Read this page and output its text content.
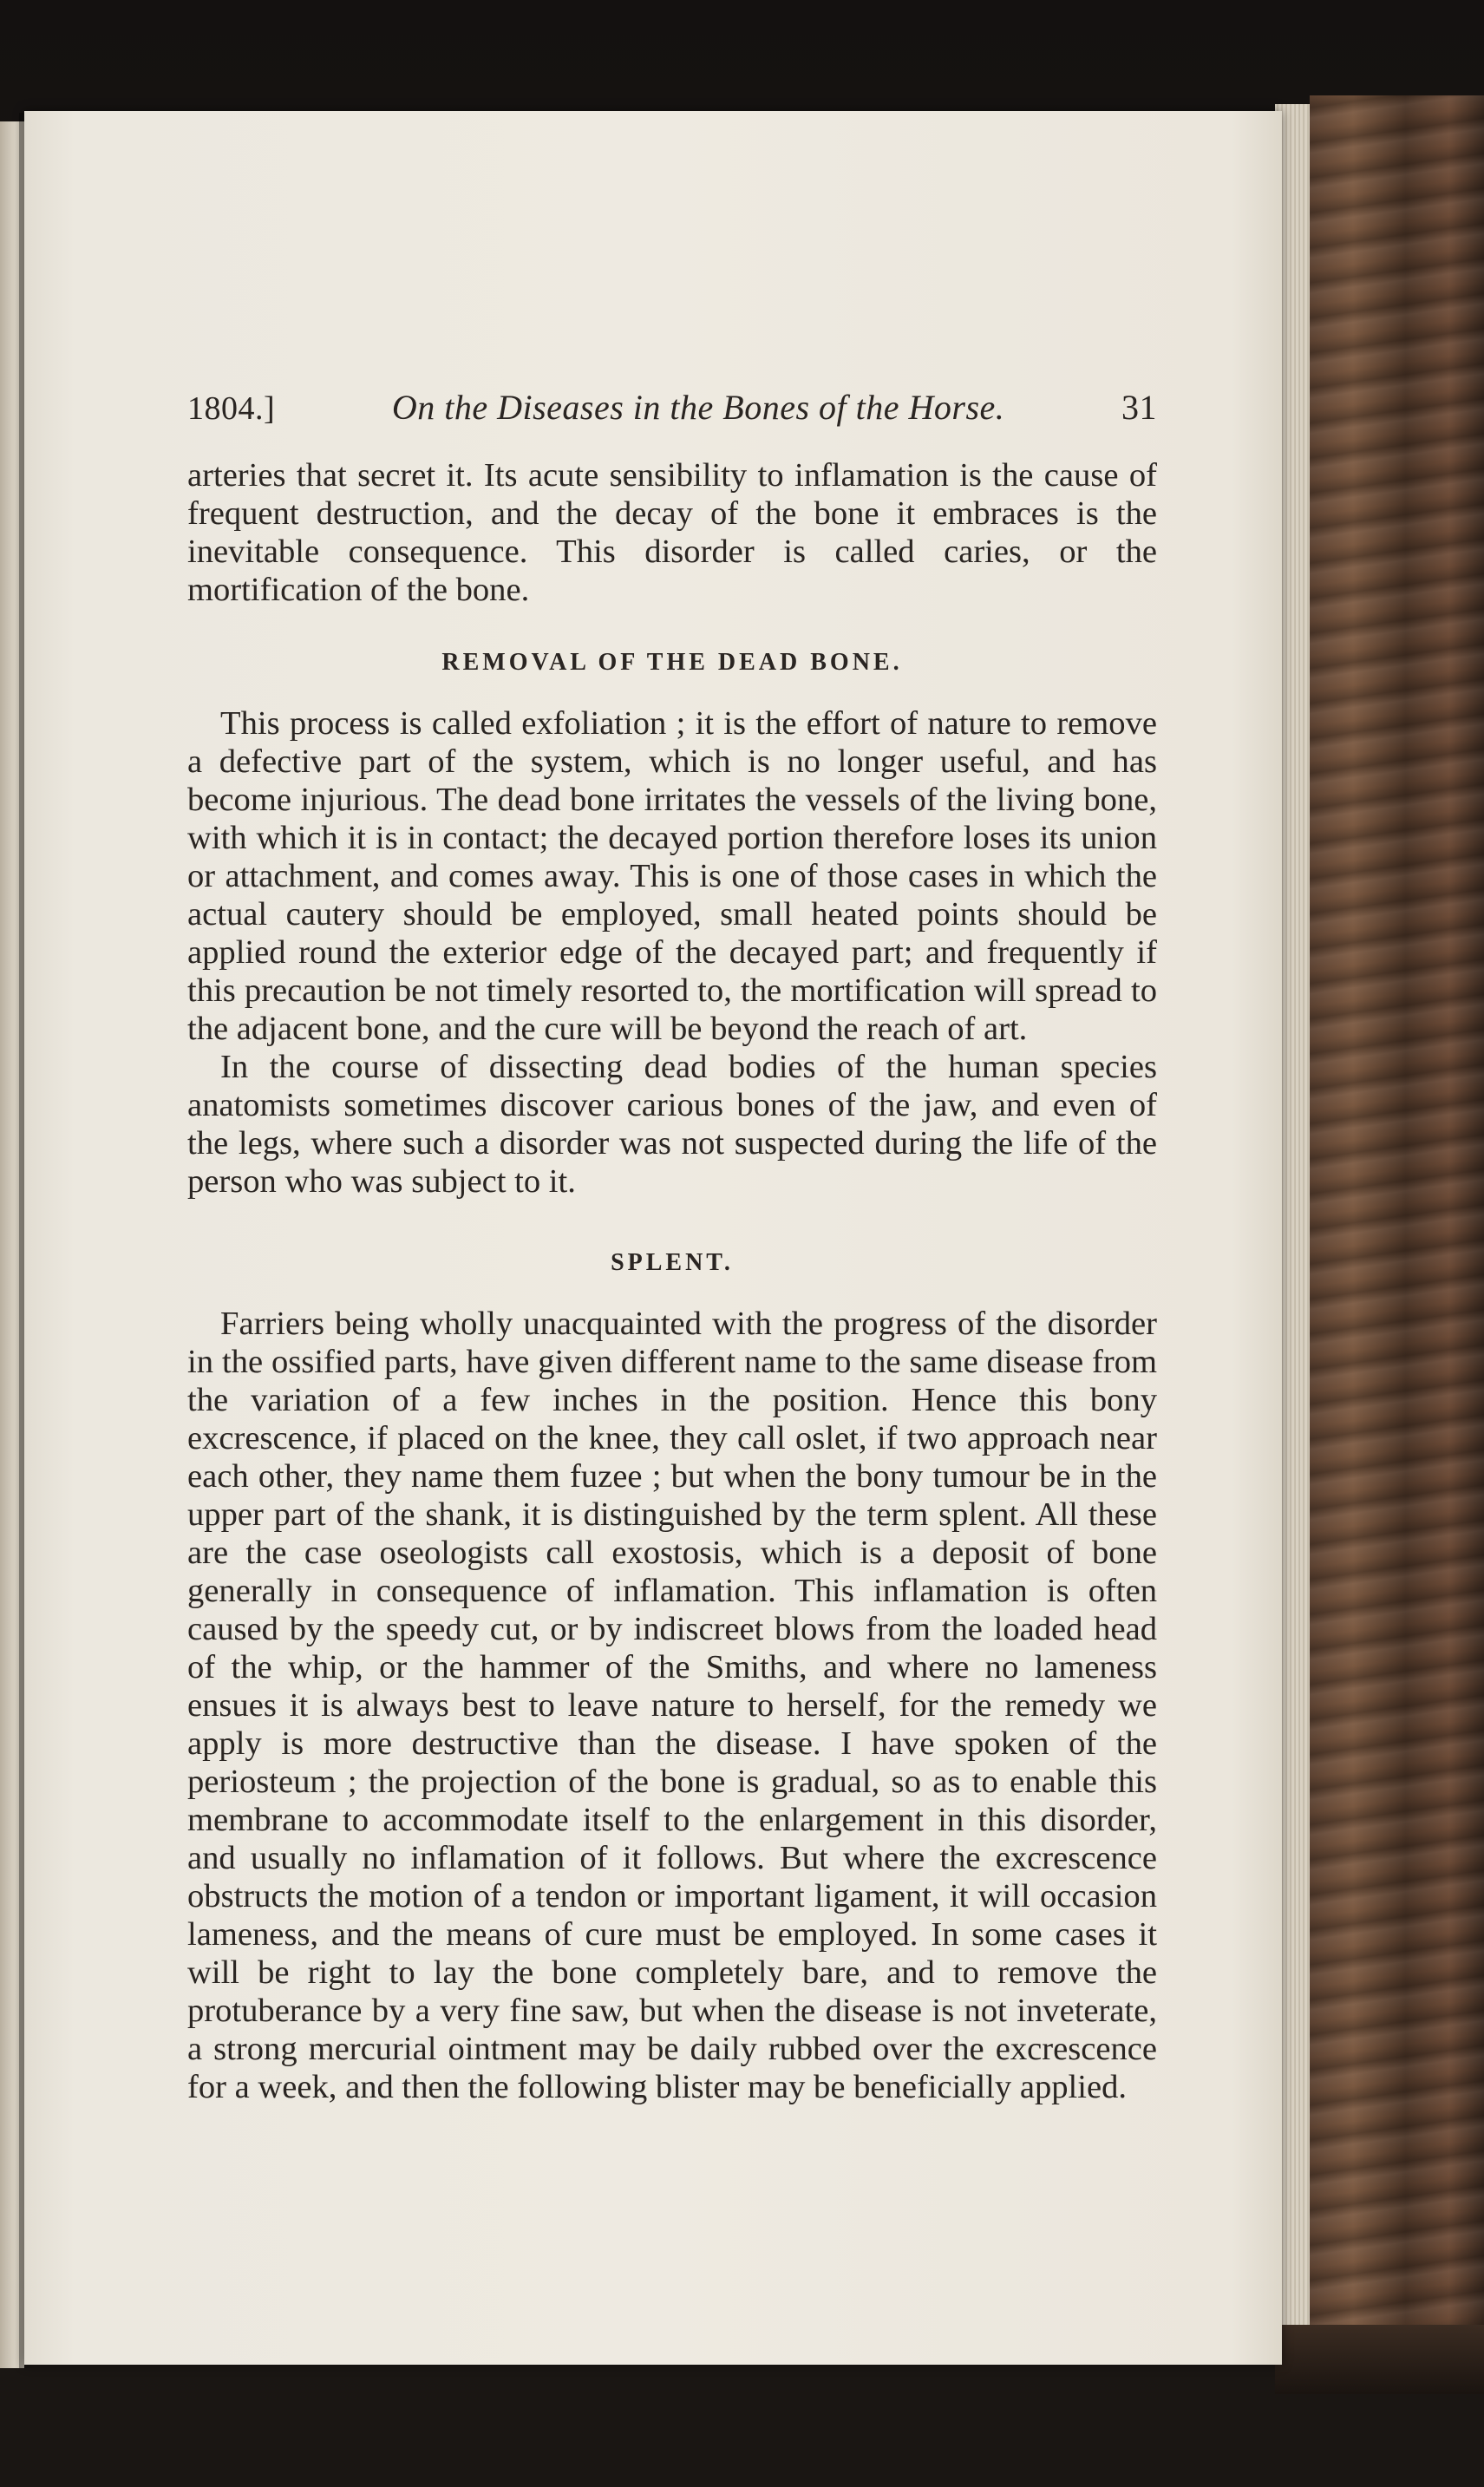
1804.]	On the Diseases in the Bones of the Horse.	31

arteries that secret it. Its acute sensibility to inflamation is the cause of frequent destruction, and the decay of the bone it embraces is the inevitable consequence. This disorder is called caries, or the mortification of the bone.

REMOVAL OF THE DEAD BONE.

This process is called exfoliation ; it is the effort of nature to remove a defective part of the system, which is no longer useful, and has become injurious. The dead bone irritates the vessels of the living bone, with which it is in contact; the decayed portion therefore loses its union or attachment, and comes away. This is one of those cases in which the actual cautery should be employed, small heated points should be applied round the exterior edge of the decayed part; and frequently if this precaution be not timely resorted to, the mortification will spread to the adjacent bone, and the cure will be beyond the reach of art.

In the course of dissecting dead bodies of the human species anatomists sometimes discover carious bones of the jaw, and even of the legs, where such a disorder was not suspected during the life of the person who was subject to it.

SPLENT.

Farriers being wholly unacquainted with the progress of the disorder in the ossified parts, have given different name to the same disease from the variation of a few inches in the position. Hence this bony excrescence, if placed on the knee, they call oslet, if two approach near each other, they name them fuzee ; but when the bony tumour be in the upper part of the shank, it is distinguished by the term splent. All these are the case oseologists call exostosis, which is a deposit of bone generally in consequence of inflamation. This inflamation is often caused by the speedy cut, or by indiscreet blows from the loaded head of the whip, or the hammer of the Smiths, and where no lameness ensues it is always best to leave nature to herself, for the remedy we apply is more destructive than the disease. I have spoken of the periosteum ; the projection of the bone is gradual, so as to enable this membrane to accommodate itself to the enlargement in this disorder, and usually no inflamation of it follows. But where the excrescence obstructs the motion of a tendon or important ligament, it will occasion lameness, and the means of cure must be employed. In some cases it will be right to lay the bone completely bare, and to remove the protuberance by a very fine saw, but when the disease is not inveterate, a strong mercurial ointment may be daily rubbed over the excrescence for a week, and then the following blister may be beneficially applied.
